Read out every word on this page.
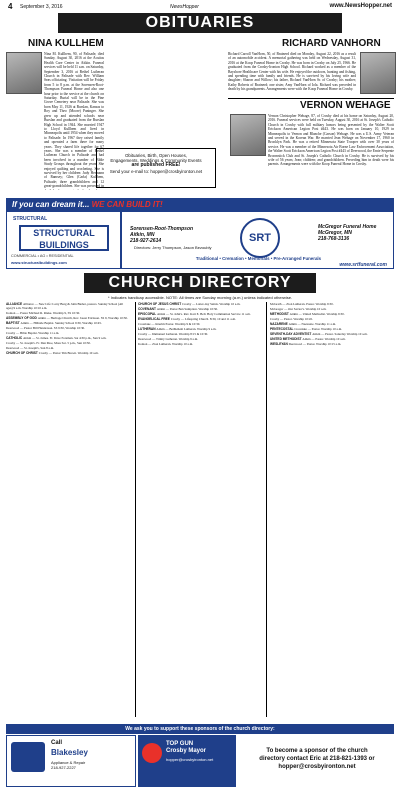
4 September 3, 2016	NewsHopper	www.NewsHopper.net
OBITUARIES
NINA KULLHEM
Nina M. Kullhem, 90, of Palisade, died Sunday, August 30, 2016 at the Acuitas Health Care Center in Aitkin. Funeral services will be held 11 a.m. on Saturday, September 3, 2016 at Bethel Lutheran Church in Palisade with Rev. William Seas officiating. Visitation will be Friday from 5 to 8 p.m. at the Sorensen-Root-Thompson Funeral Home and also one hour prior to the service at the church on Saturday. Burial will be in the Pine Grove Cemetery near Palisade. She was born May 11, 1926 at Burslan, Kansas to Roy and Theo (Moore) Paninger. She grew up and attended schools near Burslan and graduated from the Burslan High School in 1944. She married 1947 to Lloyd Kullhem and lived in Minneapolis until 1954 when they moved to Palisade. In 1967 they raised family and operated a farm there for many years. They shared life together for 67 years. She was a member of Bethel Lutheran Church in Palisade and had been involved in a number of Bible Study Groups throughout the years. She enjoyed quilting and crocheting. She is survived by her children: Judy Hermann of Ramsey; Glen (Carla) Kullhem, Palisade; three grandchildren and 12 great-grandchildren. She was preceded in
RICHARD VANHORN
Richard Carroll VanHorn, 50, of Brainerd died on Monday, August 22, 2016 as a result of an automobile accident. A memorial gathering was held on Wednesday, August 31, 2016 at the Koop Funeral Home in Crosby. He was born in Crosby on July 25, 1966. He graduated from the Crosby-Ironton High School. Richard worked as a member of the Bayshore Healthcare Center with his wife. He enjoyed the outdoors, hunting and fishing, and spending time with family and friends. He is survived by his loving wife and daughter; Sharon and Willow; his father, Richard VanHorn Sr. of Crosby; his mother; Kathy Roberts of Brainerd; one sister, Amy VanHorn of Iola. Richard was preceded in death by his grandparents. Arrangements were with the Koop Funeral Home in Crosby.
VERNON WEHAGE
Vernon Christopher Wehage, 87, of Crosby died at his home on Saturday, August 20, 2016. Funeral services were held on Tuesday, August 30, 2016 at St. Joseph's Catholic Church in Crosby with full military honors being presented by the Walter Scott Erickson American Legion Post #443. He was born on January 10, 1929 in Minneapolis to Vernon and Blanche (Carson) Wehage. He was a U.S. Army Veteran and served in the Korean War. He married Jean Wehage on November 17, 1960 in Brooklyn Park. He was a retired Minnesota State Trooper with over 30 years of service. He was a member of the Minnesota Air Borne Law Enforcement Association, the Walter Scott Erickson American Legion Post #443 of Deerwood, the Ernie Serpente Broomstick Club and St. Joseph's Catholic Church in Crosby. He is survived by his wife of 56 years; Jean; children; and grandchildren. Preceding him in death were his parents. Arrangements were with the Koop Funeral Home in Crosby.
Obituaries, Birth, Open Houses,
Engagements, Weddings & Community Events
are published FREE!
Send your e-mail to: hopper@crosbyironton.net
If you can dream it... WE CAN BUILD IT!
STRUCTURAL
STRUCTURAL BUILDINGS
COMMERCIAL • AG • RESIDENTIAL
www.structuralbuildings.com
Sorensen-Root-Thompson
Aitkin, MN
218-927-2614	SRT
McGregor Funeral Home
McGregor, MN
218-768-3136
Directors: Jerry Thompson, Jason Bezoubly
Traditional • Cremation • Memorials • Pre-Arranged Funerals
www.srtfuneral.com
CHURCH DIRECTORY
* Indicates handicap accessible. NOTE: All times are Sunday morning (a.m.) unless indicated otherwise.

ALLIANCE Alliance — New Life: Larry Burg & John Bieber, pastors. Sunday School (All ages) 9 a.m. Worship 10:10 a.m.

Ironton — Pastor Michael R. Rieke. Worship 9, SS 10:30.

ASSEMBLY OF GOD Aitkin — Heritage Church, Rev. Jason Erickson. SS 9, Worship 10:30.

BAPTIST Aitkin — Hillside Baptist. Sunday School 9:30, Worship 10:45.

Deerwood — Pastor Bill Henderson. SS 9:30, Worship 10:30.

Crosby — Bible Baptist. Worship 11 a.m.

CATHOLIC Aitkin — St. James. Fr. Dave Forsman. Sat 4:30 p.m., Sun 9 a.m.

Crosby — St. Joseph's. Fr. Dan Moe, Mass Sat. 5 p.m., Sun 10:30.

Deerwood — St. Joseph's, Sun 8 a.m.

CHURCH OF CHRIST Crosby — Pastor Tim Brown. Worship 10 a.m.

CHURCH OF JESUS CHRIST Crosby — Latter-day Saints. Worship 10 a.m.

COVENANT Aitkin — Pastor Ben Sumption. Worship 10:30.

EPISCOPAL Aitkin — St. John's. Rev. Kari E. Bell. Holy Communion Service 11 a.m.

EVANGELICAL FREE Crosby — Lifespring Church. 8:30, 10 and 11 a.m.

Crosslake — Interim Pastor. Worship 9 & 10:30.

LUTHERAN Aitkin — Bethlehem Lutheran. Worship 9 a.m.

Crosby — Immanuel Lutheran. Worship 8:15 & 10:30.

Deerwood — Trinity Lutheran. Worship 9 a.m.

Ironton — Zion Lutheran. Worship 10 a.m.

McGrath — Zion Lutheran. Pastor. Worship 9:30.

McGregor — Our Savior's. Worship 10 a.m.

METHODIST Aitkin — United Methodist. Worship 9:30.

Crosby — Pastor. Worship 10:45.

NAZARENE Aitkin — Nazarene. Worship 11 a.m.

PENTECOSTAL Crosslake — Pastor. Worship 10 a.m.

SEVENTH-DAY ADVENTIST Aitkin — Pastor. Saturday Worship 10 a.m.

UNITED METHODIST Aitkin — Pastor. Worship 10 a.m.

WESLEYAN Deerwood — Pastor. Worship 10:15 a.m.

We ask you to support these sponsors of the church directory:
Call
Blakesley
Appliance & Repair
218-927-2227
TOP GUN
Crosby Mayor
hopper@crosbyironton.net
To become a sponsor of the church
directory contact Eric at 218-821-1393 or
hopper@crosbyironton.net
